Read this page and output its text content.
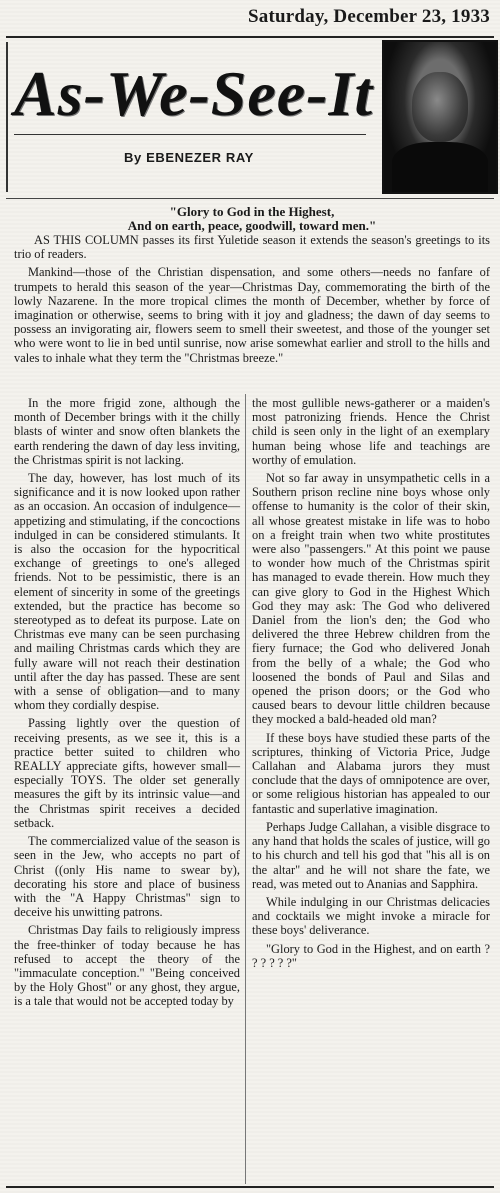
Saturday, December 23, 1933
As-We-See-It
By EBENEZER RAY

"Glory to God in the Highest,

And on earth, peace, goodwill, toward men."

AS THIS COLUMN passes its first Yuletide season it extends the season's greetings to its trio of readers.

Mankind—those of the Christian dispensation, and some others—needs no fanfare of trumpets to herald this season of the year—Christmas Day, commemorating the birth of the lowly Nazarene. In the more tropical climes the month of December, whether by force of imagination or otherwise, seems to bring with it joy and gladness; the dawn of day seems to possess an invigorating air, flowers seem to smell their sweetest, and those of the younger set who were wont to lie in bed until sunrise, now arise somewhat earlier and stroll to the hills and vales to inhale what they term the "Christmas breeze."

In the more frigid zone, although the month of December brings with it the chilly blasts of winter and snow often blankets the earth rendering the dawn of day less inviting, the Christmas spirit is not lacking.

The day, however, has lost much of its significance and it is now looked upon rather as an occasion. An occasion of indulgence—appetizing and stimulating, if the concoctions indulged in can be considered stimulants. It is also the occasion for the hypocritical exchange of greetings to one's alleged friends. Not to be pessimistic, there is an element of sincerity in some of the greetings extended, but the practice has become so stereotyped as to defeat its purpose. Late on Christmas eve many can be seen purchasing and mailing Christmas cards which they are fully aware will not reach their destination until after the day has passed. These are sent with a sense of obligation—and to many whom they cordially despise.

Passing lightly over the question of receiving presents, as we see it, this is a practice better suited to children who REALLY appreciate gifts, however small—especially TOYS. The older set generally measures the gift by its intrinsic value—and the Christmas spirit receives a decided setback.

The commercialized value of the season is seen in the Jew, who accepts no part of Christ ((only His name to swear by), decorating his store and place of business with the "A Happy Christmas" sign to deceive his unwitting patrons.

Christmas Day fails to religiously impress the free-thinker of today because he has refused to accept the theory of the "immaculate conception." "Being conceived by the Holy Ghost" or any ghost, they argue, is a tale that would not be accepted today by

the most gullible news-gatherer or a maiden's most patronizing friends. Hence the Christ child is seen only in the light of an exemplary human being whose life and teachings are worthy of emulation.

Not so far away in unsympathetic cells in a Southern prison recline nine boys whose only offense to humanity is the color of their skin, all whose greatest mistake in life was to hobo on a freight train when two white prostitutes were also "passengers." At this point we pause to wonder how much of the Christmas spirit has managed to evade therein. How much they can give glory to God in the Highest Which God they may ask: The God who delivered Daniel from the lion's den; the God who delivered the three Hebrew children from the fiery furnace; the God who delivered Jonah from the belly of a whale; the God who loosened the bonds of Paul and Silas and opened the prison doors; or the God who caused bears to devour little children because they mocked a bald-headed old man?

If these boys have studied these parts of the scriptures, thinking of Victoria Price, Judge Callahan and Alabama jurors they must conclude that the days of omnipotence are over, or some religious historian has appealed to our fantastic and superlative imagination.

Perhaps Judge Callahan, a visible disgrace to any hand that holds the scales of justice, will go to his church and tell his god that "his all is on the altar" and he will not share the fate, we read, was meted out to Ananias and Sapphira.

While indulging in our Christmas delicacies and cocktails we might invoke a miracle for these boys' deliverance.

"Glory to God in the Highest, and on earth ? ? ? ? ? ?"
